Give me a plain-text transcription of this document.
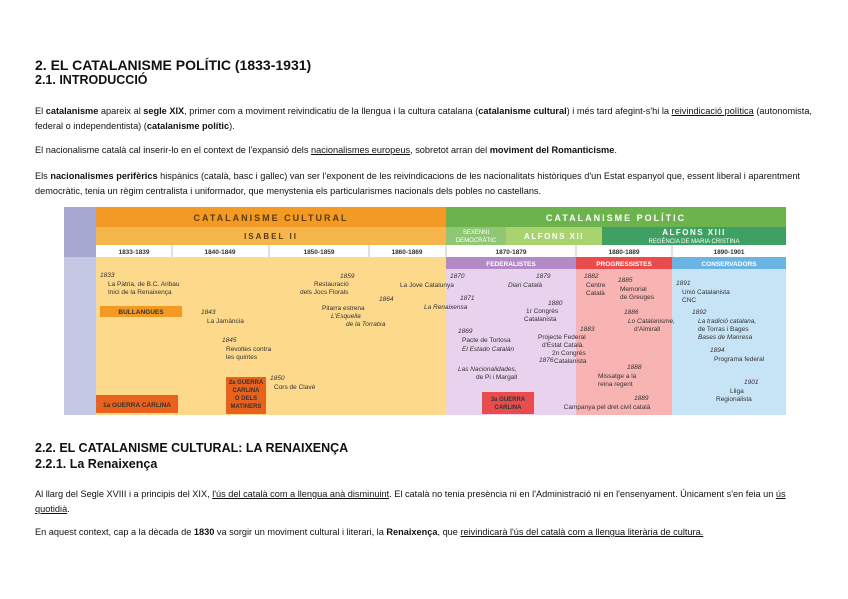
2. EL CATALANISME POLÍTIC (1833-1931)
2.1. INTRODUCCIÓ
El catalanisme apareix al segle XIX, primer com a moviment reivindicatiu de la llengua i la cultura catalana (catalanisme cultural) i més tard afegint-s'hi la reivindicació política (autonomista, federal o independentista) (catalanisme polític).
El nacionalisme català cal inserir-lo en el context de l'expansió dels nacionalismes europeus, sobretot arran del moviment del Romanticisme.
Els nacionalismes perifèrics hispànics (català, basc i gallec) van ser l'exponent de les reivindicacions de les nacionalitats històriques d'un Estat espanyol que, essent liberal i aparentment democràtic, tenia un règim centralista i uniformador, que menystenia els particularismes nacionals dels pobles no castellans.
CATALANISME CULTURAL	CATALANISME POLÍTIC
ISABEL II	SEXENNI
DEMOCRÀTIC	ALFONS XII	ALFONS XIII
REGÈNCIA DE MARIA CRISTINA
1833-1839	1840-1849	1850-1859	1860-1869	1870-1879	1880-1889	1890-1901
FEDERALISTES	PROGRESSISTES	CONSERVADORS
BULLANGUES
1a GUERRA CARLINA
2a GUERRA
CARLINA
O DELS
MATINERS
3a GUERRA
CARLINA	Campanya pel dret civil català
1833
La Pàtria, de B.C. Aribau
Inici de la Renaixença
1843
La Jamància
1845
Revoltes contra
les quintes
1850
Cors de Clavé
1859
Restauració
dels Jocs Florals
1864
Pitarra estrena
L'Esquella
de la Torratxa
La Jove Catalunya
1870
Diari Català
1879
1871
La Renaixensa
1880
1r Congrés
Catalanista
1869
Pacte de Tortosa
El Estado Catalán
1876
Las Nacionalidades,
de Pi i Margall
Projecte Federal
d'Estat Català.
2n Congrés
Catalanista
1883
1882
Centre
Català
1885
Memorial
de Greuges
1886
Lo Catalanisme,
d'Almirall
1888
Missatge a la
reina regent
1889
1891
Unió Catalanista
CNC
1892
La tradició catalana,
de Torras i Bages
Bases de Manresa
1894
Programa federal
1901
Lliga
Regionalista
2.2. EL CATALANISME CULTURAL: LA RENAIXENÇA
2.2.1. La Renaixença
Al llarg del Segle XVIII i a principis del XIX, l'ús del català com a llengua anà disminuint. El català no tenia presència ni en l'Administració ni en l'ensenyament. Únicament s'en feia un ús quotidià.
En aquest context, cap a la dècada de 1830 va sorgir un moviment cultural i literari, la Renaixença, que reivindicarà l'ús del català com a llengua literària de cultura.
